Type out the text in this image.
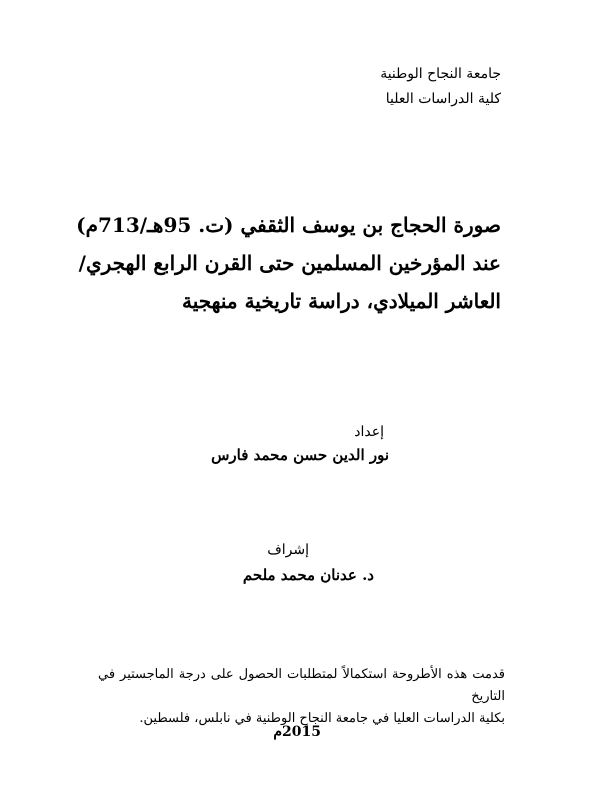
جامعة النجاح الوطنية
كلية الدراسات العليا
صورة الحجاج بن يوسف الثقفي (ت. 95هـ/713م)
عند المؤرخين المسلمين حتى القرن الرابع الهجري/
العاشر الميلادي، دراسة تاريخية منهجية
إعداد
نور الدين حسن محمد فارس
إشراف
د. عدنان محمد ملحم
قدمت هذه الأطروحة استكمالاً لمتطلبات الحصول على درجة الماجستير في التاريخ
بكلية الدراسات العليا في جامعة النجاح الوطنية في نابلس، فلسطين.
2015م
